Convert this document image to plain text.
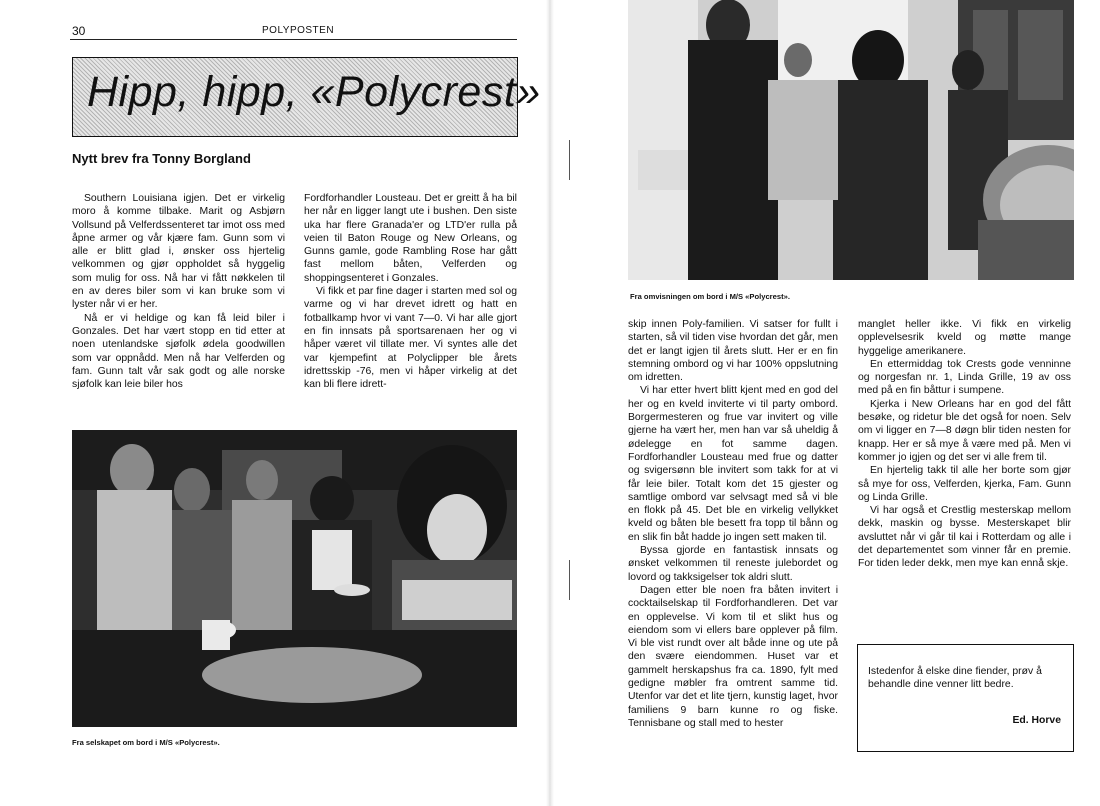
30	POLYPOSTEN
Hipp, hipp, «Polycrest»
Nytt brev fra Tonny Borgland

Southern Louisiana igjen. Det er virkelig moro å komme tilbake. Marit og Asbjørn Vollsund på Velferdssenteret tar imot oss med åpne armer og vår kjære fam. Gunn som vi alle er blitt glad i, ønsker oss hjertelig velkommen og gjør oppholdet så hyggelig som mulig for oss. Nå har vi fått nøkkelen til en av deres biler som vi kan bruke som vi lyster når vi er her.

Nå er vi heldige og kan få leid biler i Gonzales. Det har vært stopp en tid etter at noen utenlandske sjøfolk ødela goodwillen som var oppnådd. Men nå har Velferden og fam. Gunn talt vår sak godt og alle norske sjøfolk kan leie biler hos

Fordforhandler Lousteau. Det er greitt å ha bil her når en ligger langt ute i bushen. Den siste uka har flere Granada'er og LTD'er rulla på veien til Baton Rouge og New Orleans, og Gunns gamle, gode Rambling Rose har gått fast mellom båten, Velferden og shoppingsenteret i Gonzales.

Vi fikk et par fine dager i starten med sol og varme og vi har drevet idrett og hatt en fotballkamp hvor vi vant 7—0. Vi har alle gjort en fin innsats på sportsarenaen her og vi håper været vil tillate mer. Vi syntes alle det var kjempefint at Polyclipper ble årets idrettsskip -76, men vi håper virkelig at det kan bli flere idrett-

Fra selskapet om bord i M/S «Polycrest».
Fra omvisningen om bord i M/S «Polycrest».

skip innen Poly-familien. Vi satser for fullt i starten, så vil tiden vise hvordan det går, men det er langt igjen til årets slutt. Her er en fin stemning ombord og vi har 100% oppslutning om idretten.

Vi har etter hvert blitt kjent med en god del her og en kveld inviterte vi til party ombord. Borgermesteren og frue var invitert og ville gjerne ha vært her, men han var så uheldig å ødelegge en fot samme dagen. Fordforhandler Lousteau med frue og datter og svigersønn ble invitert som takk for at vi får leie biler. Totalt kom det 15 gjester og samtlige ombord var selvsagt med så vi ble en flokk på 45. Det ble en virkelig vellykket kveld og båten ble besett fra topp til bånn og en slik fin båt hadde jo ingen sett maken til.

Byssa gjorde en fantastisk innsats og ønsket velkommen til reneste julebordet og lovord og takksigelser tok aldri slutt.

Dagen etter ble noen fra båten invitert i cocktailselskap til Fordforhandleren. Det var en opplevelse. Vi kom til et slikt hus og eiendom som vi ellers bare opplever på film. Vi ble vist rundt over alt både inne og ute på den svære eiendommen. Huset var et gammelt herskapshus fra ca. 1890, fylt med gedigne møbler fra omtrent samme tid. Utenfor var det et lite tjern, kunstig laget, hvor familiens 9 barn kunne ro og fiske. Tennisbane og stall med to hester

manglet heller ikke. Vi fikk en virkelig opplevelsesrik kveld og møtte mange hyggelige amerikanere.

En ettermiddag tok Crests gode venninne og norgesfan nr. 1, Linda Grille, 19 av oss med på en fin båttur i sumpene.

Kjerka i New Orleans har en god del fått besøke, og ridetur ble det også for noen. Selv om vi ligger en 7—8 døgn blir tiden nesten for knapp. Her er så mye å være med på. Men vi kommer jo igjen og det ser vi alle frem til.

En hjertelig takk til alle her borte som gjør så mye for oss, Velferden, kjerka, Fam. Gunn og Linda Grille.

Vi har også et Crestlig mesterskap mellom dekk, maskin og bysse. Mesterskapet blir avsluttet når vi går til kai i Rotterdam og alle i det departementet som vinner får en premie. For tiden leder dekk, men mye kan ennå skje.

Istedenfor å elske dine fiender, prøv å behandle dine venner litt bedre.
Ed. Horve
